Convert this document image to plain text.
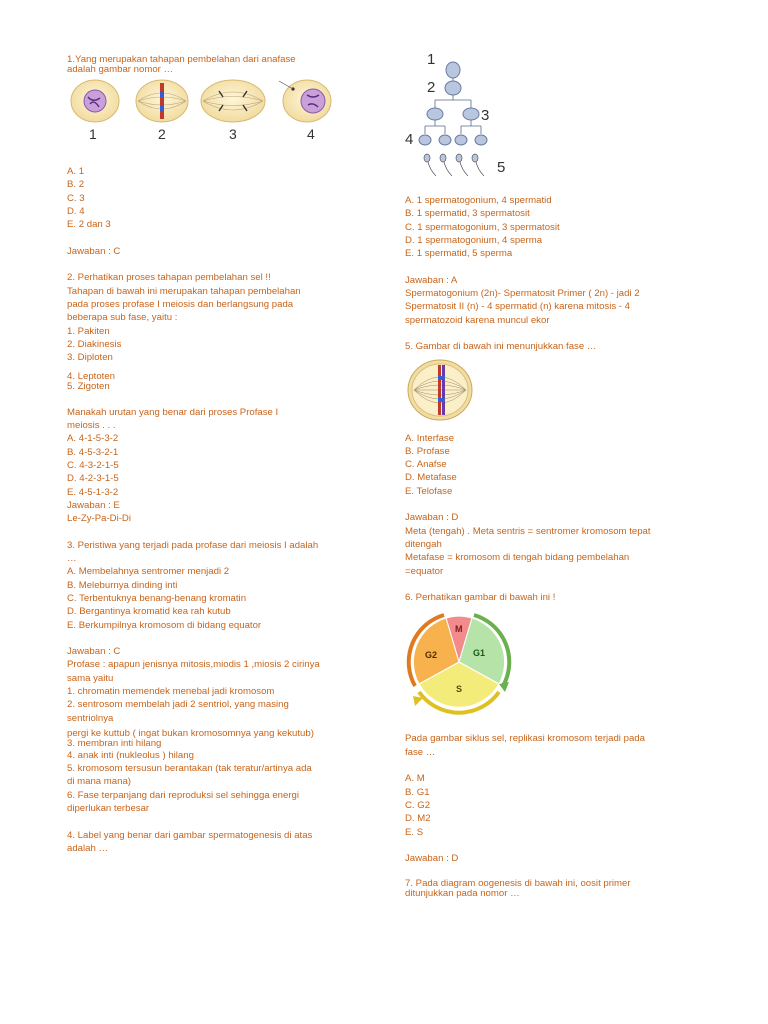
1.Yang merupakan tahapan pembelahan dari anafase
adalah gambar nomor …
1	2	3	4
A. 1
B. 2
C. 3
D. 4
E. 2 dan 3
Jawaban : C
2. Perhatikan proses tahapan pembelahan sel !!
Tahapan di bawah ini merupakan tahapan pembelahan
pada proses profase I meiosis dan berlangsung pada
beberapa sub fase, yaitu :
1. Pakiten
2. Diakinesis
3. Diploten
4. Leptoten
5. Zigoten
Manakah urutan yang benar dari proses Profase I
meiosis . . .
A. 4-1-5-3-2
B. 4-5-3-2-1
C. 4-3-2-1-5
D. 4-2-3-1-5
E. 4-5-1-3-2
Jawaban : E
Le-Zy-Pa-Di-Di
3. Peristiwa yang terjadi pada profase dari meiosis I adalah
…
A. Membelahnya sentromer menjadi 2
B. Meleburnya dinding inti
C. Terbentuknya benang-benang kromatin
D. Bergantinya kromatid kea rah kutub
E. Berkumpilnya kromosom di bidang equator
Jawaban : C
Profase : apapun jenisnya mitosis,miodis 1 ,miosis 2 cirinya
sama yaitu
1. chromatin memendek menebal jadi kromosom
2. sentrosom membelah jadi 2 sentriol, yang masing
sentriolnya
pergi ke kuttub ( ingat bukan kromosomnya yang kekutub)
3. membran inti hilang
4. anak inti (nukleolus ) hilang
5. kromosom tersusun berantakan (tak teratur/artinya ada
di mana mana)
6. Fase terpanjang dari reproduksi sel sehingga energi
diperlukan terbesar
4. Label yang benar dari gambar spermatogenesis di atas
adalah …
1
2
3
4
5
A. 1 spermatogonium, 4 spermatid
B. 1 spermatid, 3 spermatosit
C. 1 spermatogonium, 3 spermatosit
D. 1 spermatogonium, 4 sperma
E. 1 spermatid, 5 sperma
Jawaban : A
Spermatogonium (2n)- Spermatosit Primer ( 2n) - jadi 2
Spermatosit II (n) - 4 spermatid (n) karena mitosis - 4
spermatozoid karena muncul ekor
5. Gambar di bawah ini menunjukkan fase …
A. Interfase
B. Profase
C. Anafse
D. Metafase
E. Telofase
Jawaban : D
Meta (tengah) . Meta sentris = sentromer kromosom tepat
ditengah
Metafase = kromosom di tengah bidang pembelahan
=equator
6. Perhatikan gambar di bawah ini !
M
G1
G2
S
Pada gambar siklus sel, replikasi kromosom terjadi pada
fase …
A. M
B. G1
C. G2
D. M2
E. S
Jawaban : D
7. Pada diagram oogenesis di bawah ini, oosit primer
ditunjukkan pada nomor …
